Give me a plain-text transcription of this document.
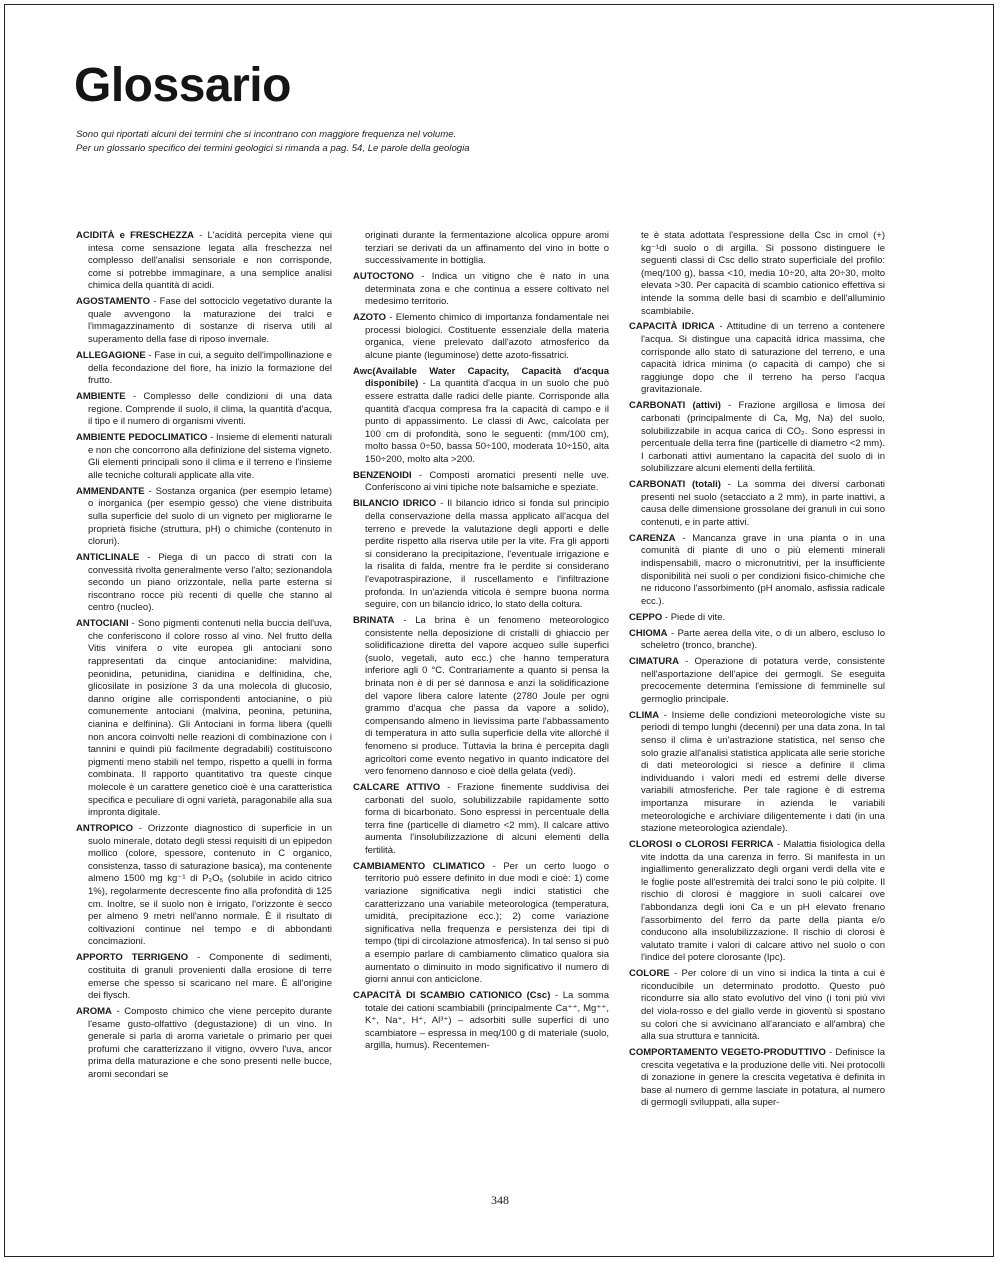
Glossario
Sono qui riportati alcuni dei termini che si incontrano con maggiore frequenza nel volume.
Per un glossario specifico dei termini geologici si rimanda a pag. 54, Le parole della geologia

ACIDITÀ e FRESCHEZZA - L'acidità percepita viene qui intesa come sensazione legata alla freschezza nel complesso dell'analisi sensoriale e non corrisponde, come si potrebbe immaginare, a una semplice analisi chimica della quantità di acidi.

AGOSTAMENTO - Fase del sottociclo vegetativo durante la quale avvengono la maturazione dei tralci e l'immagazzinamento di sostanze di riserva utili al superamento della fase di riposo invernale.

ALLEGAGIONE - Fase in cui, a seguito dell'impollinazione e della fecondazione del fiore, ha inizio la formazione del frutto.

AMBIENTE - Complesso delle condizioni di una data regione. Comprende il suolo, il clima, la quantità d'acqua, il tipo e il numero di organismi viventi.

AMBIENTE PEDOCLIMATICO - Insieme di elementi naturali e non che concorrono alla definizione del sistema vigneto. Gli elementi principali sono il clima e il terreno e l'insieme alle tecniche colturali applicate alla vite.

AMMENDANTE - Sostanza organica (per esempio letame) o inorganica (per esempio gesso) che viene distribuita sulla superficie del suolo di un vigneto per migliorarne le proprietà fisiche (struttura, pH) o chimiche (contenuto in cloruri).

ANTICLINALE - Piega di un pacco di strati con la convessità rivolta generalmente verso l'alto; sezionandola secondo un piano orizzontale, nella parte esterna si riscontrano rocce più recenti di quelle che stanno al centro (nucleo).

ANTOCIANI - Sono pigmenti contenuti nella buccia dell'uva, che conferiscono il colore rosso al vino. Nel frutto della Vitis vinifera o vite europea gli antociani sono rappresentati da cinque antocianidine: malvidina, peonidina, petunidina, cianidina e delfinidina, che, glicosilate in posizione 3 da una molecola di glucosio, danno origine alle corrispondenti antocianine, o più comunemente antociani (malvina, peonina, petunina, cianina e delfinina). Gli Antociani in forma libera (quelli non ancora coinvolti nelle reazioni di combinazione con i tannini e quindi più facilmente degradabili) costituiscono pigmenti meno stabili nel tempo, rispetto a quelli in forma combinata. Il rapporto quantitativo tra queste cinque molecole è un carattere genetico cioè è una caratteristica specifica e peculiare di ogni varietà, paragonabile alla sua impronta digitale.

ANTROPICO - Orizzonte diagnostico di superficie in un suolo minerale, dotato degli stessi requisiti di un epipedon mollico (colore, spessore, contenuto in C organico, consistenza, tasso di saturazione basica), ma contenente almeno 1500 mg kg⁻¹ di P₂O₅ (solubile in acido citrico 1%), regolarmente decrescente fino alla profondità di 125 cm. Inoltre, se il suolo non è irrigato, l'orizzonte è secco per almeno 9 metri nell'anno normale. È il risultato di coltivazioni continue nel tempo e di abbondanti concimazioni.

APPORTO TERRIGENO - Componente di sedimenti, costituita di granuli provenienti dalla erosione di terre emerse che spesso si scaricano nel mare. È all'origine dei flysch.

AROMA - Composto chimico che viene percepito durante l'esame gusto-olfattivo (degustazione) di un vino. In generale si parla di aroma varietale o primario per quei profumi che caratterizzano il vitigno, ovvero l'uva, ancor prima della maturazione e che sono presenti nelle bucce, aromi secondari se

originati durante la fermentazione alcolica oppure aromi terziari se derivati da un affinamento del vino in botte o successivamente in bottiglia.

AUTOCTONO - Indica un vitigno che è nato in una determinata zona e che continua a essere coltivato nel medesimo territorio.

AZOTO - Elemento chimico di importanza fondamentale nei processi biologici. Costituente essenziale della materia organica, viene prelevato dall'azoto atmosferico da alcune piante (leguminose) dette azoto-fissatrici.

Awc(Available Water Capacity, Capacità d'acqua disponibile) - La quantità d'acqua in un suolo che può essere estratta dalle radici delle piante. Corrisponde alla quantità d'acqua compresa fra la capacità di campo e il punto di appassimento. Le classi di Awc, calcolata per 100 cm di profondità, sono le seguenti: (mm/100 cm), molto bassa 0÷50, bassa 50÷100, moderata 10÷150, alta 150÷200, molto alta >200.

BENZENOIDI - Composti aromatici presenti nelle uve. Conferiscono ai vini tipiche note balsamiche e speziate.

BILANCIO IDRICO - Il bilancio idrico si fonda sul principio della conservazione della massa applicato all'acqua del terreno e prevede la valutazione degli apporti e delle perdite rispetto alla riserva utile per la vite. Fra gli apporti si considerano la precipitazione, l'eventuale irrigazione e la risalita di falda, mentre fra le perdite si considerano l'evapotraspirazione, il ruscellamento e l'infiltrazione profonda. In un'azienda viticola è sempre buona norma seguire, con un bilancio idrico, lo stato della coltura.

BRINATA - La brina è un fenomeno meteorologico consistente nella deposizione di cristalli di ghiaccio per solidificazione diretta del vapore acqueo sulle superfici (suolo, vegetali, auto ecc.) che hanno temperatura inferiore agli 0 °C. Contrariamente a quanto si pensa la brinata non è di per sé dannosa e anzi la solidificazione del vapore libera calore latente (2780 Joule per ogni grammo d'acqua che passa da vapore a solido), compensando almeno in lievissima parte l'abbassamento di temperatura in atto sulla superficie della vite allorché il fenomeno si produce. Tuttavia la brina è percepita dagli agricoltori come evento negativo in quanto indicatore del vero fenomeno dannoso e cioè della gelata (vedi).

CALCARE ATTIVO - Frazione finemente suddivisa dei carbonati del suolo, solubilizzabile rapidamente sotto forma di bicarbonato. Sono espressi in percentuale della terra fine (particelle di diametro <2 mm). Il calcare attivo aumenta l'insolubilizzazione di alcuni elementi della fertilità.

CAMBIAMENTO CLIMATICO - Per un certo luogo o territorio può essere definito in due modi e cioè: 1) come variazione significativa negli indici statistici che caratterizzano una variabile meteorologica (temperatura, umidità, precipitazione ecc.); 2) come variazione significativa nella frequenza e persistenza dei tipi di tempo (tipi di circolazione atmosferica). In tal senso si può a esempio parlare di cambiamento climatico qualora sia aumentato o diminuito in modo significativo il numero di giorni annui con anticiclone.

CAPACITÀ DI SCAMBIO CATIONICO (Csc) - La somma totale dei cationi scambiabili (principalmente Ca⁺⁺, Mg⁺⁺, K⁺, Na⁺, H⁺, Al³⁺) – adsorbiti sulle superfici di uno scambiatore – espressa in meq/100 g di materiale (suolo, argilla, humus). Recentemen-

te è stata adottata l'espressione della Csc in cmol (+) kg⁻¹di suolo o di argilla. Si possono distinguere le seguenti classi di Csc dello strato superficiale del profilo: (meq/100 g), bassa <10, media 10÷20, alta 20÷30, molto elevata >30. Per capacità di scambio cationico effettiva si intende la somma delle basi di scambio e dell'alluminio scambiabile.

CAPACITÀ IDRICA - Attitudine di un terreno a contenere l'acqua. Si distingue una capacità idrica massima, che corrisponde allo stato di saturazione del terreno, e una capacità idrica minima (o capacità di campo) che si raggiunge dopo che il terreno ha perso l'acqua gravitazionale.

CARBONATI (attivi) - Frazione argillosa e limosa dei carbonati (principalmente di Ca, Mg, Na) del suolo, solubilizzabile in acqua carica di CO₂. Sono espressi in percentuale della terra fine (particelle di diametro <2 mm). I carbonati attivi aumentano la capacità del suolo di in solubilizzare alcuni elementi della fertilità.

CARBONATI (totali) - La somma dei diversi carbonati presenti nel suolo (setacciato a 2 mm), in parte inattivi, a causa delle dimensione grossolane dei granuli in cui sono contenuti, e in parte attivi.

CARENZA - Mancanza grave in una pianta o in una comunità di piante di uno o più elementi minerali indispensabili, macro o micronutritivi, per la insufficiente disponibilità nei suoli o per condizioni fisico-chimiche che ne riducono l'assorbimento (pH anomalo, asfissia radicale ecc.).

CEPPO - Piede di vite.

CHIOMA - Parte aerea della vite, o di un albero, escluso lo scheletro (tronco, branche).

CIMATURA - Operazione di potatura verde, consistente nell'asportazione dell'apice dei germogli. Se eseguita precocemente determina l'emissione di femminelle sul germoglio principale.

CLIMA - Insieme delle condizioni meteorologiche viste su periodi di tempo lunghi (decenni) per una data zona. In tal senso il clima è un'astrazione statistica, nel senso che solo grazie all'analisi statistica applicata alle serie storiche di dati meteorologici si riesce a definire il clima individuando i valori medi ed estremi delle diverse variabili atmosferiche. Per tale ragione è di estrema importanza misurare in azienda le variabili meteorologiche e archiviare diligentemente i dati (in una stazione meteorologica aziendale).

CLOROSI o CLOROSI FERRICA - Malattia fisiologica della vite indotta da una carenza in ferro. Si manifesta in un ingiallimento generalizzato degli organi verdi della vite e le foglie poste all'estremità dei tralci sono le più colpite. Il rischio di clorosi è maggiore in suoli calcarei ove l'abbondanza degli ioni Ca e un pH elevato frenano l'assorbimento del ferro da parte della pianta e/o conducono alla insolubilizzazione. Il rischio di clorosi è valutato tramite i valori di calcare attivo nel suolo o con l'indice del potere clorosante (Ipc).

COLORE - Per colore di un vino si indica la tinta a cui è riconducibile un determinato prodotto. Questo può ricondurre sia allo stato evolutivo del vino (i toni più vivi del viola-rosso e del giallo verde in gioventù si spostano su colori che si avvicinano all'aranciato e all'ambra) che alla sua struttura e tannicità.

COMPORTAMENTO VEGETO-PRODUTTIVO - Definisce la crescita vegetativa e la produzione delle viti. Nei protocolli di zonazione in genere la crescita vegetativa è definita in base al numero di gemme lasciate in potatura, al numero di germogli sviluppati, alla super-

348
